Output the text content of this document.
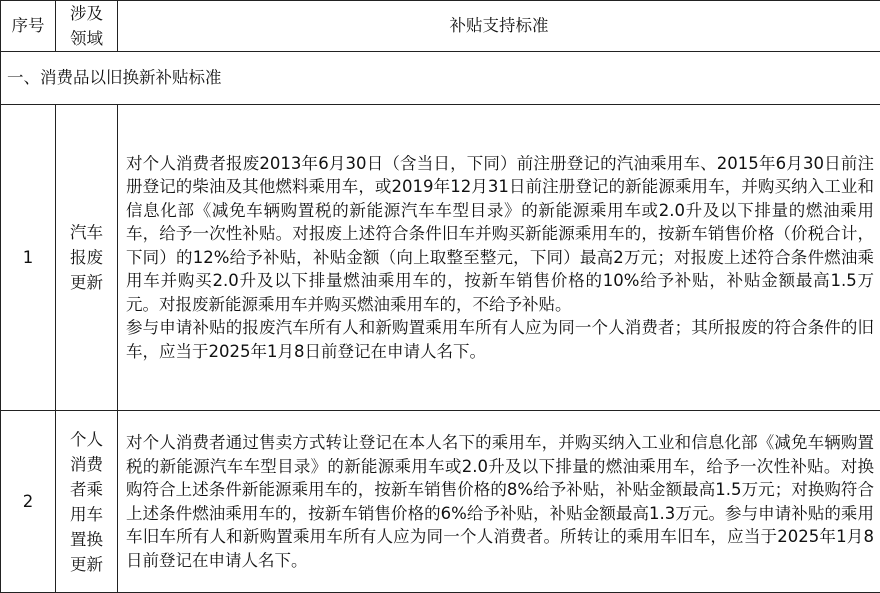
序号	涉及领域	补贴支持标准
一、消费品以旧换新补贴标准		
1	汽车报废更新	对个人消费者报废2013年6月30日（含当日，下同）前注册登记的汽油乘用车、2015年6月30日前注册登记的柴油及其他燃料乘用车，或2019年12月31日前注册登记的新能源乘用车，并购买纳入工业和信息化部《减免车辆购置税的新能源汽车车型目录》的新能源乘用车或2.0升及以下排量的燃油乘用车，给予一次性补贴。对报废上述符合条件旧车并购买新能源乘用车的，按新车销售价格（价税合计，下同）的12%给予补贴，补贴金额（向上取整至整元，下同）最高2万元；对报废上述符合条件燃油乘用车并购买2.0升及以下排量燃油乘用车的，按新车销售价格的10%给予补贴，补贴金额最高1.5万元。对报废新能源乘用车并购买燃油乘用车的，不给予补贴。

参与申请补贴的报废汽车所有人和新购置乘用车所有人应为同一个人消费者；其所报废的符合条件的旧车，应当于2025年1月8日前登记在申请人名下。

2	个人消费者乘用车置换更新	对个人消费者通过售卖方式转让登记在本人名下的乘用车，并购买纳入工业和信息化部《减免车辆购置税的新能源汽车车型目录》的新能源乘用车或2.0升及以下排量的燃油乘用车，给予一次性补贴。对换购符合上述条件新能源乘用车的，按新车销售价格的8%给予补贴，补贴金额最高1.5万元；对换购符合上述条件燃油乘用车的，按新车销售价格的6%给予补贴，补贴金额最高1.3万元。参与申请补贴的乘用车旧车所有人和新购置乘用车所有人应为同一个人消费者。所转让的乘用车旧车，应当于2025年1月8日前登记在申请人名下。
